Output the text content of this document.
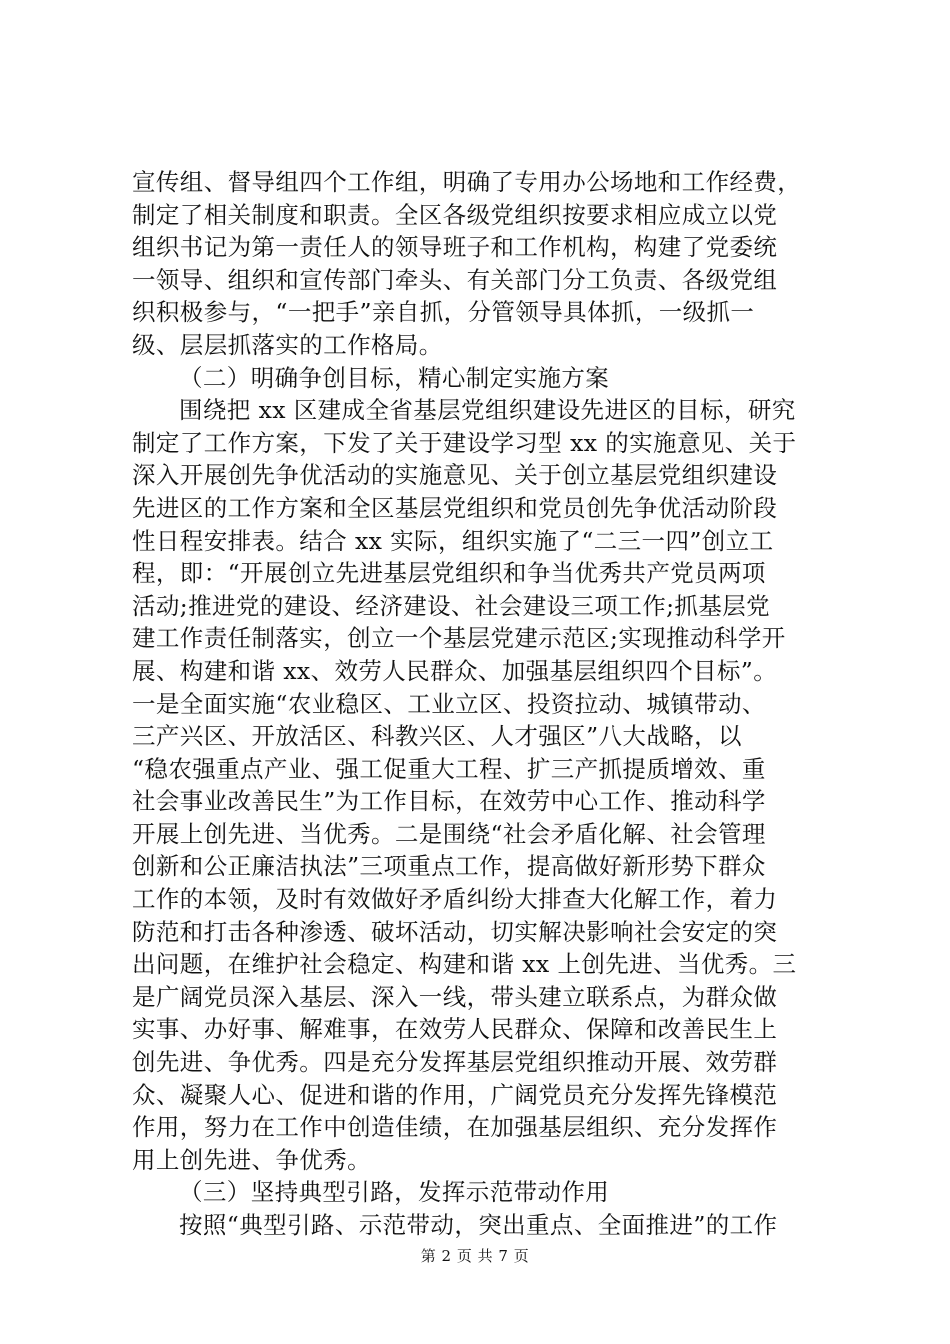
宣传组、督导组四个工作组，明确了专用办公场地和工作经费，
制定了相关制度和职责。全区各级党组织按要求相应成立以党
组织书记为第一责任人的领导班子和工作机构，构建了党委统
一领导、组织和宣传部门牵头、有关部门分工负责、各级党组
织积极参与，“一把手”亲自抓，分管领导具体抓，一级抓一
级、层层抓落实的工作格局。
（二）明确争创目标，精心制定实施方案
围绕把 xx 区建成全省基层党组织建设先进区的目标，研究
制定了工作方案，下发了关于建设学习型 xx 的实施意见、关于
深入开展创先争优活动的实施意见、关于创立基层党组织建设
先进区的工作方案和全区基层党组织和党员创先争优活动阶段
性日程安排表。结合 xx 实际，组织实施了“二三一四”创立工
程，即：“开展创立先进基层党组织和争当优秀共产党员两项
活动;推进党的建设、经济建设、社会建设三项工作;抓基层党
建工作责任制落实，创立一个基层党建示范区;实现推动科学开
展、构建和谐 xx、效劳人民群众、加强基层组织四个目标”。
一是全面实施“农业稳区、工业立区、投资拉动、城镇带动、
三产兴区、开放活区、科教兴区、人才强区”八大战略，以
“稳农强重点产业、强工促重大工程、扩三产抓提质增效、重
社会事业改善民生”为工作目标，在效劳中心工作、推动科学
开展上创先进、当优秀。二是围绕“社会矛盾化解、社会管理
创新和公正廉洁执法”三项重点工作，提高做好新形势下群众
工作的本领，及时有效做好矛盾纠纷大排查大化解工作，着力
防范和打击各种渗透、破坏活动，切实解决影响社会安定的突
出问题，在维护社会稳定、构建和谐 xx 上创先进、当优秀。三
是广阔党员深入基层、深入一线，带头建立联系点，为群众做
实事、办好事、解难事，在效劳人民群众、保障和改善民生上
创先进、争优秀。四是充分发挥基层党组织推动开展、效劳群
众、凝聚人心、促进和谐的作用，广阔党员充分发挥先锋模范
作用，努力在工作中创造佳绩，在加强基层组织、充分发挥作
用上创先进、争优秀。
（三）坚持典型引路，发挥示范带动作用
按照“典型引路、示范带动，突出重点、全面推进”的工作
第 2 页 共 7 页
